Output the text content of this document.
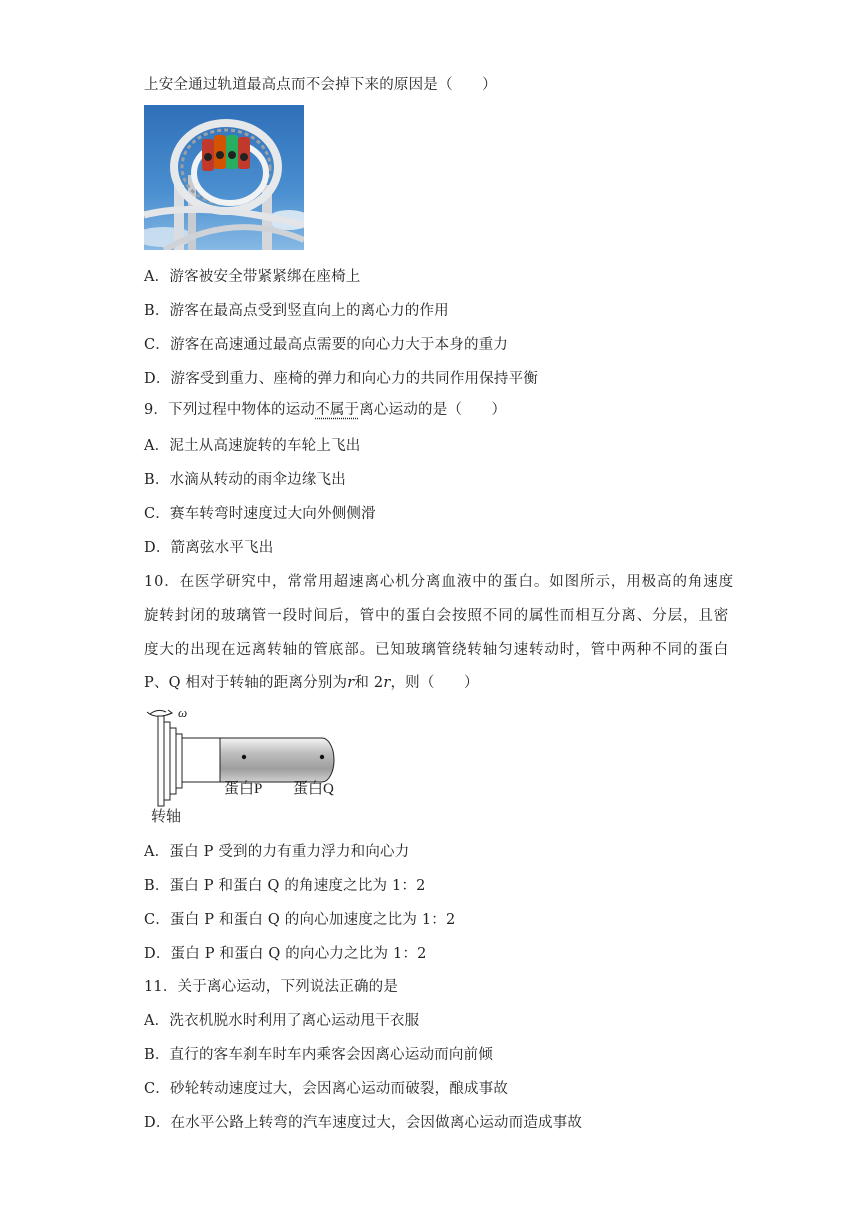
上安全通过轨道最高点而不会掉下来的原因是（　　）
A．游客被安全带紧紧绑在座椅上
B．游客在最高点受到竖直向上的离心力的作用
C．游客在高速通过最高点需要的向心力大于本身的重力
D．游客受到重力、座椅的弹力和向心力的共同作用保持平衡
9．下列过程中物体的运动不属于离心运动的是（　　）
A．泥土从高速旋转的车轮上飞出
B．水滴从转动的雨伞边缘飞出
C．赛车转弯时速度过大向外侧侧滑
D．箭离弦水平飞出
10．在医学研究中，常常用超速离心机分离血液中的蛋白。如图所示，用极高的角速度
旋转封闭的玻璃管一段时间后，管中的蛋白会按照不同的属性而相互分离、分层，且密
度大的出现在远离转轴的管底部。已知玻璃管绕转轴匀速转动时，管中两种不同的蛋白
P、Q 相对于转轴的距离分别为r和 2r，则（　　）
ω
蛋白P 蛋白Q
转轴
A．蛋白 P 受到的力有重力浮力和向心力
B．蛋白 P 和蛋白 Q 的角速度之比为 1：2
C．蛋白 P 和蛋白 Q 的向心加速度之比为 1：2
D．蛋白 P 和蛋白 Q 的向心力之比为 1：2
11．关于离心运动，下列说法正确的是
A．洗衣机脱水时利用了离心运动甩干衣服
B．直行的客车刹车时车内乘客会因离心运动而向前倾
C．砂轮转动速度过大，会因离心运动而破裂，酿成事故
D．在水平公路上转弯的汽车速度过大，会因做离心运动而造成事故
